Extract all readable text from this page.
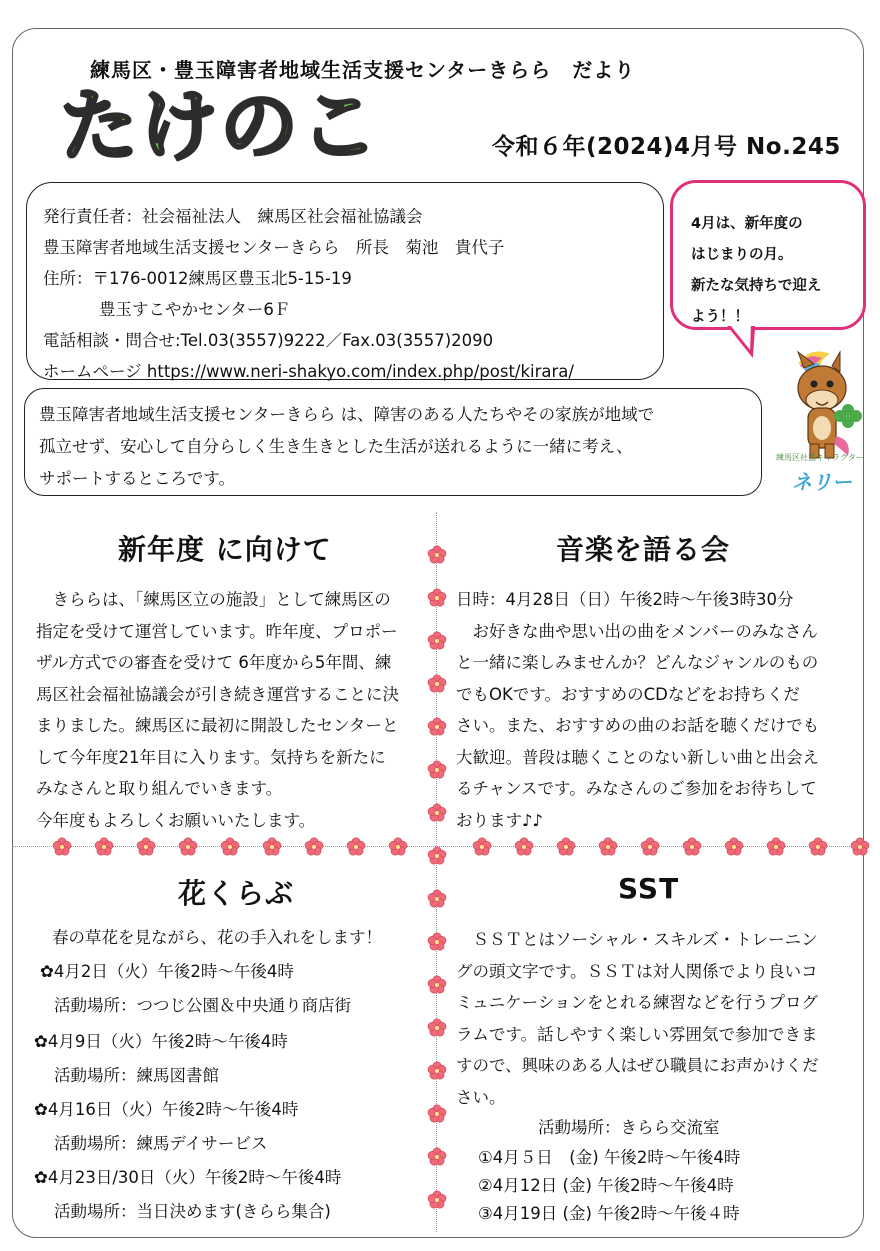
練馬区・豊玉障害者地域生活支援センターきらら　だより
たけのこ	令和６年(2024)4月号 No.245
発行責任者：社会福祉法人　練馬区社会福祉協議会
豊玉障害者地域生活支援センターきらら　所長　菊池　貴代子
住所：〒176-0012練馬区豊玉北5-15-19
豊玉すこやかセンター6Ｆ
電話相談・問合せ:Tel.03(3557)9222／Fax.03(3557)2090
ホームページ https://www.neri-shakyo.com/index.php/post/kirara/
4月は、新年度の
はじまりの月。
新たな気持ちで迎え
よう！！
練馬区社協キャラクター
ネリー
豊玉障害者地域生活支援センターきらら は、障害のある人たちやその家族が地域で
孤立せず、安心して自分らしく生き生きとした生活が送れるように一緒に考え、
サポートするところです。
新年度 に向けて
　きららは、「練馬区立の施設」として練馬区の
指定を受けて運営しています。昨年度、プロポー
ザル方式での審査を受けて 6年度から5年間、練
馬区社会福祉協議会が引き続き運営することに決
まりました。練馬区に最初に開設したセンターと
して今年度21年目に入ります。気持ちを新たに
みなさんと取り組んでいきます。
今年度もよろしくお願いいたします。
音楽を語る会
日時：4月28日（日）午後2時～午後3時30分
　お好きな曲や思い出の曲をメンバーのみなさん
と一緒に楽しみませんか？どんなジャンルのもの
でもOKです。おすすめのCDなどをお持ちくだ
さい。また、おすすめの曲のお話を聴くだけでも
大歓迎。普段は聴くことのない新しい曲と出会え
るチャンスです。みなさんのご参加をお待ちして
おります♪♪
花くらぶ
春の草花を見ながら、花の手入れをします！
✿4月2日（火）午後2時～午後4時
活動場所：つつじ公園＆中央通り商店街
✿4月9日（火）午後2時～午後4時
活動場所：練馬図書館
✿4月16日（火）午後2時～午後4時
活動場所：練馬デイサービス
✿4月23日/30日（火）午後2時～午後4時
活動場所：当日決めます(きらら集合)
SST
　ＳＳＴとはソーシャル・スキルズ・トレーニン
グの頭文字です。ＳＳＴは対人関係でより良いコ
ミュニケーションをとれる練習などを行うプログ
ラムです。話しやすく楽しい雰囲気で参加できま
すので、興味のある人はぜひ職員にお声かけくだ
さい。
活動場所：きらら交流室
①4月５日　(金) 午後2時～午後4時
②4月12日 (金) 午後2時～午後4時
③4月19日 (金) 午後2時～午後４時
